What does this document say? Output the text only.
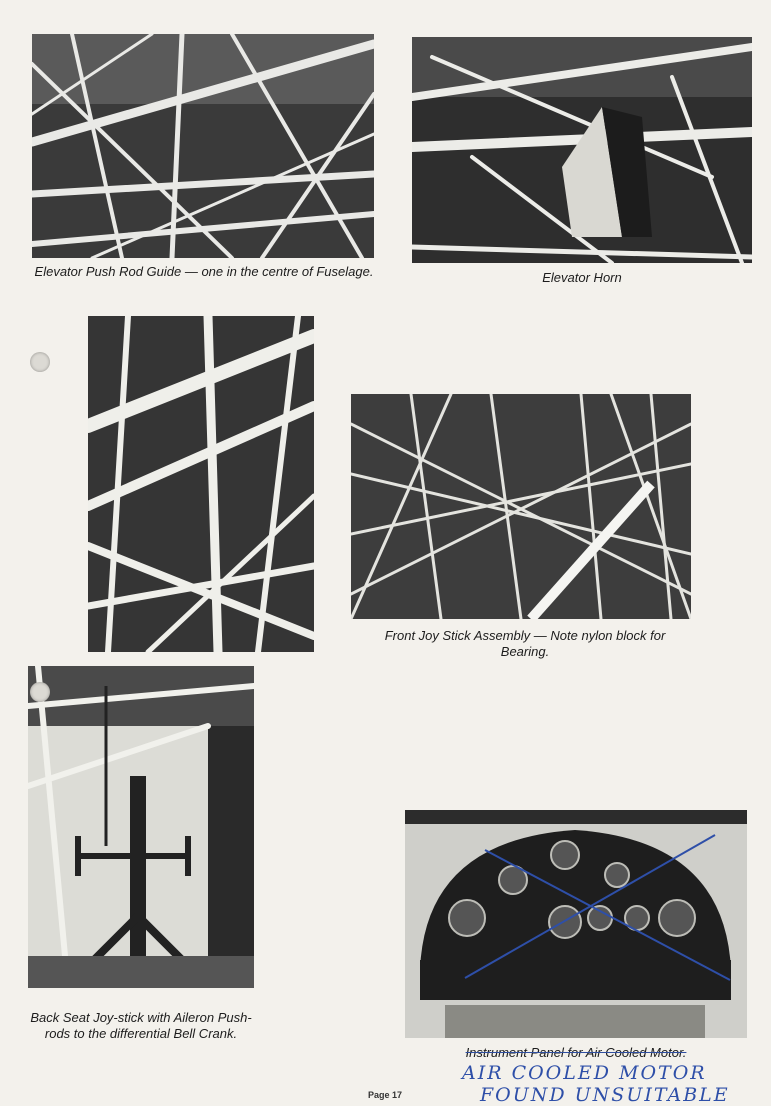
Elevator Push Rod Guide — one in the centre of Fuselage.	Elevator Horn
Front Joy Stick Assembly — Note nylon block for Bearing.
Back Seat Joy-stick with Aileron Push-rods to the differential Bell Crank.
Instrument Panel for Air Cooled Motor.
AIR COOLED MOTOR
FOUND UNSUITABLE
Page 17
